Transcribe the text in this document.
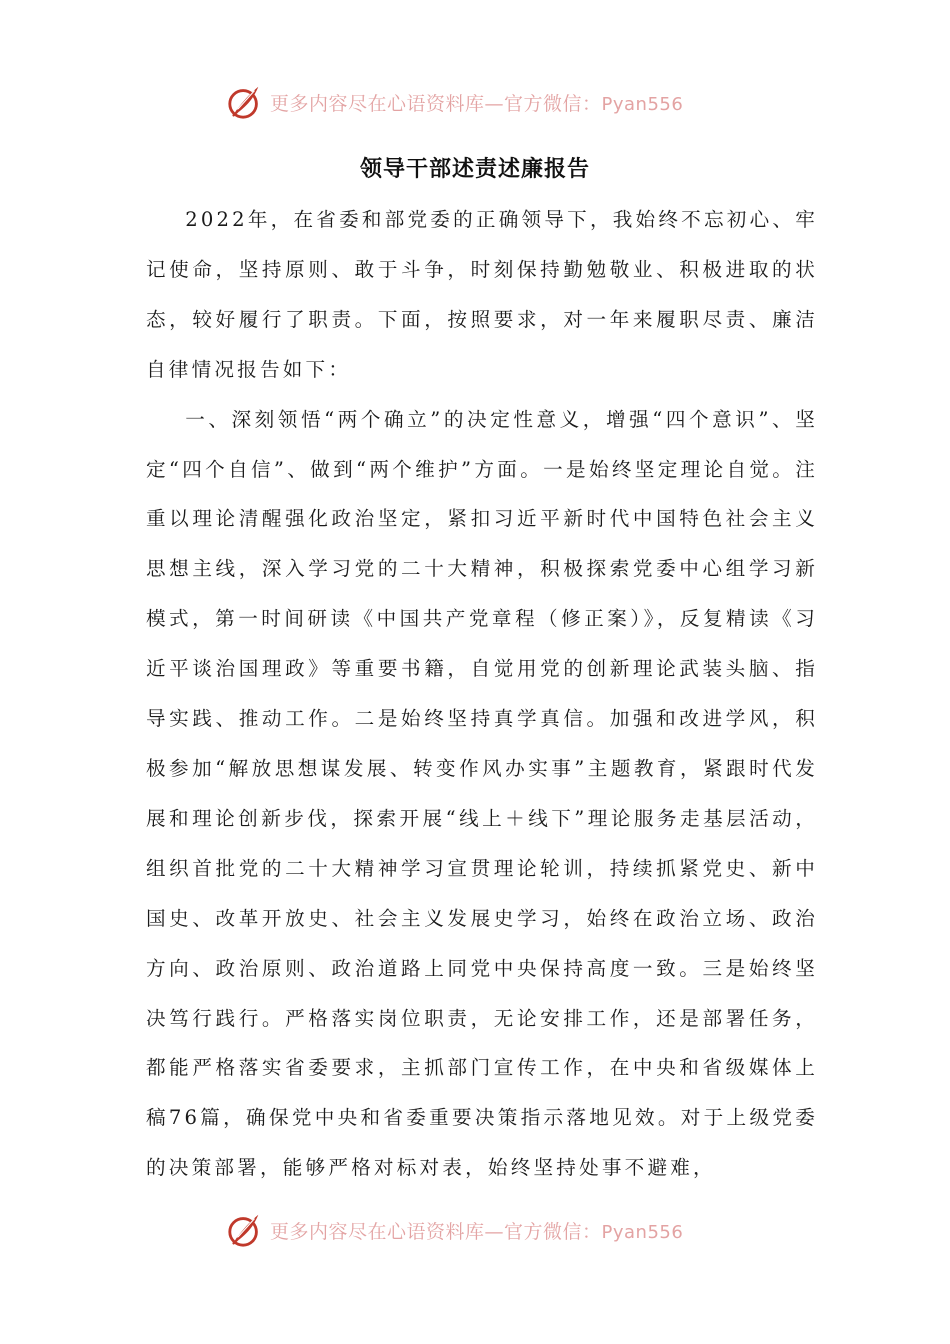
更多内容尽在心语资料库—官方微信：Pyan556
领导干部述责述廉报告

2022年，在省委和部党委的正确领导下，我始终不忘初心、牢记使命，坚持原则、敢于斗争，时刻保持勤勉敬业、积极进取的状态，较好履行了职责。下面，按照要求，对一年来履职尽责、廉洁自律情况报告如下：

一、深刻领悟“两个确立”的决定性意义，增强“四个意识”、坚定“四个自信”、做到“两个维护”方面。一是始终坚定理论自觉。注重以理论清醒强化政治坚定，紧扣习近平新时代中国特色社会主义思想主线，深入学习党的二十大精神，积极探索党委中心组学习新模式，第一时间研读《中国共产党章程（修正案）》，反复精读《习近平谈治国理政》等重要书籍，自觉用党的创新理论武装头脑、指导实践、推动工作。二是始终坚持真学真信。加强和改进学风，积极参加“解放思想谋发展、转变作风办实事”主题教育，紧跟时代发展和理论创新步伐，探索开展“线上＋线下”理论服务走基层活动，组织首批党的二十大精神学习宣贯理论轮训，持续抓紧党史、新中国史、改革开放史、社会主义发展史学习，始终在政治立场、政治方向、政治原则、政治道路上同党中央保持高度一致。三是始终坚决笃行践行。严格落实岗位职责，无论安排工作，还是部署任务，都能严格落实省委要求，主抓部门宣传工作，在中央和省级媒体上稿76篇，确保党中央和省委重要决策指示落地见效。对于上级党委的决策部署，能够严格对标对表，始终坚持处事不避难，

更多内容尽在心语资料库—官方微信：Pyan556
